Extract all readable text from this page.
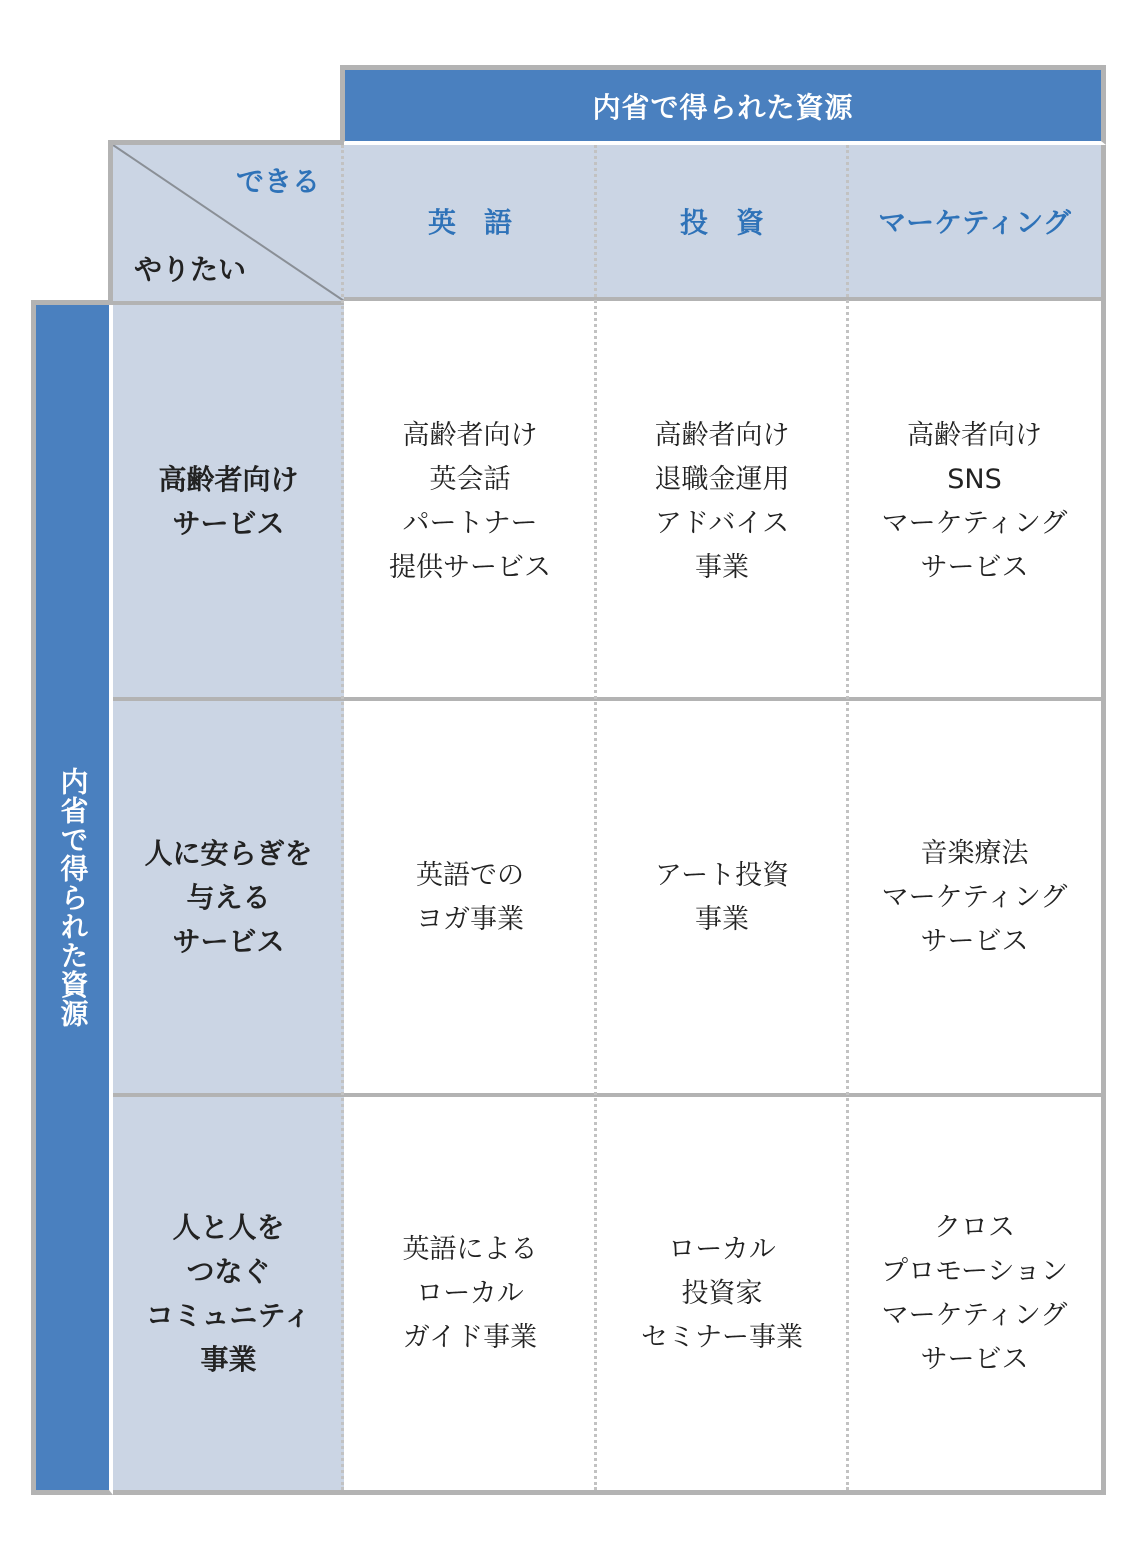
内省で得られた資源
内省で得られた資源
できる
やりたい
英　語	投　資	マーケティング
高齢者向け
サービス
高齢者向け
英会話
パートナー
提供サービス
高齢者向け
退職金運用
アドバイス
事業
高齢者向け
SNS
マーケティング
サービス
人に安らぎを
与える
サービス
英語での
ヨガ事業
アート投資
事業
音楽療法
マーケティング
サービス
人と人を
つなぐ
コミュニティ
事業
英語による
ローカル
ガイド事業
ローカル
投資家
セミナー事業
クロス
プロモーション
マーケティング
サービス
